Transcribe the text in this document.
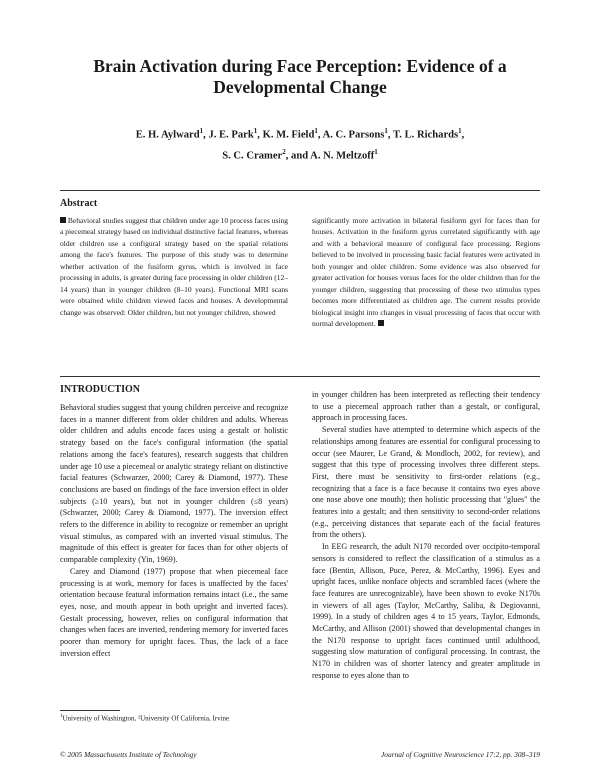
Brain Activation during Face Perception: Evidence of a Developmental Change
E. H. Aylward$^1$, J. E. Park$^1$, K. M. Field$^1$, A. C. Parsons$^1$, T. L. Richards$^1$,
S. C. Cramer$^2$, and A. N. Meltzoff$^1$
Abstract
Behavioral studies suggest that children under age 10 process faces using a piecemeal strategy based on individual distinctive facial features, whereas older children use a configural strategy based on the spatial relations among the face's features. The purpose of this study was to determine whether activation of the fusiform gyrus, which is involved in face processing in adults, is greater during face processing in older children (12–14 years) than in younger children (8–10 years). Functional MRI scans were obtained while children viewed faces and houses. A developmental change was observed: Older children, but not younger children, showed
significantly more activation in bilateral fusiform gyri for faces than for houses. Activation in the fusiform gyrus correlated significantly with age and with a behavioral measure of configural face processing. Regions believed to be involved in processing basic facial features were activated in both younger and older children. Some evidence was also observed for greater activation for houses versus faces for the older children than for the younger children, suggesting that processing of these two stimulus types becomes more differentiated as children age. The current results provide biological insight into changes in visual processing of faces that occur with normal development.
INTRODUCTION

Behavioral studies suggest that young children perceive and recognize faces in a manner different from older children and adults. Whereas older children and adults encode faces using a gestalt or holistic strategy based on the face's configural information (the spatial relations among the face's features), research suggests that children under age 10 use a piecemeal or analytic strategy reliant on distinctive facial features (Schwarzer, 2000; Carey & Diamond, 1977). These conclusions are based on findings of the face inversion effect in older subjects (≥10 years), but not in younger children (≤8 years) (Schwarzer, 2000; Carey & Diamond, 1977). The inversion effect refers to the difference in ability to recognize or remember an upright visual stimulus, as compared with an inverted visual stimulus. The magnitude of this effect is greater for faces than for other objects of comparable complexity (Yin, 1969).

Carey and Diamond (1977) propose that when piecemeal face processing is at work, memory for faces is unaffected by the faces' orientation because featural information remains intact (i.e., the same eyes, nose, and mouth appear in both upright and inverted faces). Gestalt processing, however, relies on configural information that changes when faces are inverted, rendering memory for inverted faces poorer than memory for upright faces. Thus, the lack of a face inversion effect

in younger children has been interpreted as reflecting their tendency to use a piecemeal approach rather than a gestalt, or configural, approach in processing faces.

Several studies have attempted to determine which aspects of the relationships among features are essential for configural processing to occur (see Maurer, Le Grand, & Mondloch, 2002, for review), and suggest that this type of processing involves three different steps. First, there must be sensitivity to first-order relations (e.g., recognizing that a face is a face because it contains two eyes above one nose above one mouth); then holistic processing that "glues" the features into a gestalt; and then sensitivity to second-order relations (e.g., perceiving distances that separate each of the facial features from the others).

In EEG research, the adult N170 recorded over occipito-temporal sensors is considered to reflect the classification of a stimulus as a face (Bentin, Allison, Puce, Perez, & McCarthy, 1996). Eyes and upright faces, unlike nonface objects and scrambled faces (where the face features are unrecognizable), have been shown to evoke N170s in viewers of all ages (Taylor, McCarthy, Saliba, & Degiovanni, 1999). In a study of children ages 4 to 15 years, Taylor, Edmonds, McCarthy, and Allison (2001) showed that developmental changes in the N170 response to upright faces continued until adulthood, suggesting slow maturation of configural processing. In contrast, the N170 in children was of shorter latency and greater amplitude in response to eyes alone than to

$^1$University of Washington, ²University Of California, Irvine
© 2005 Massachusetts Institute of Technology	Journal of Cognitive Neuroscience 17:2, pp. 308–319
